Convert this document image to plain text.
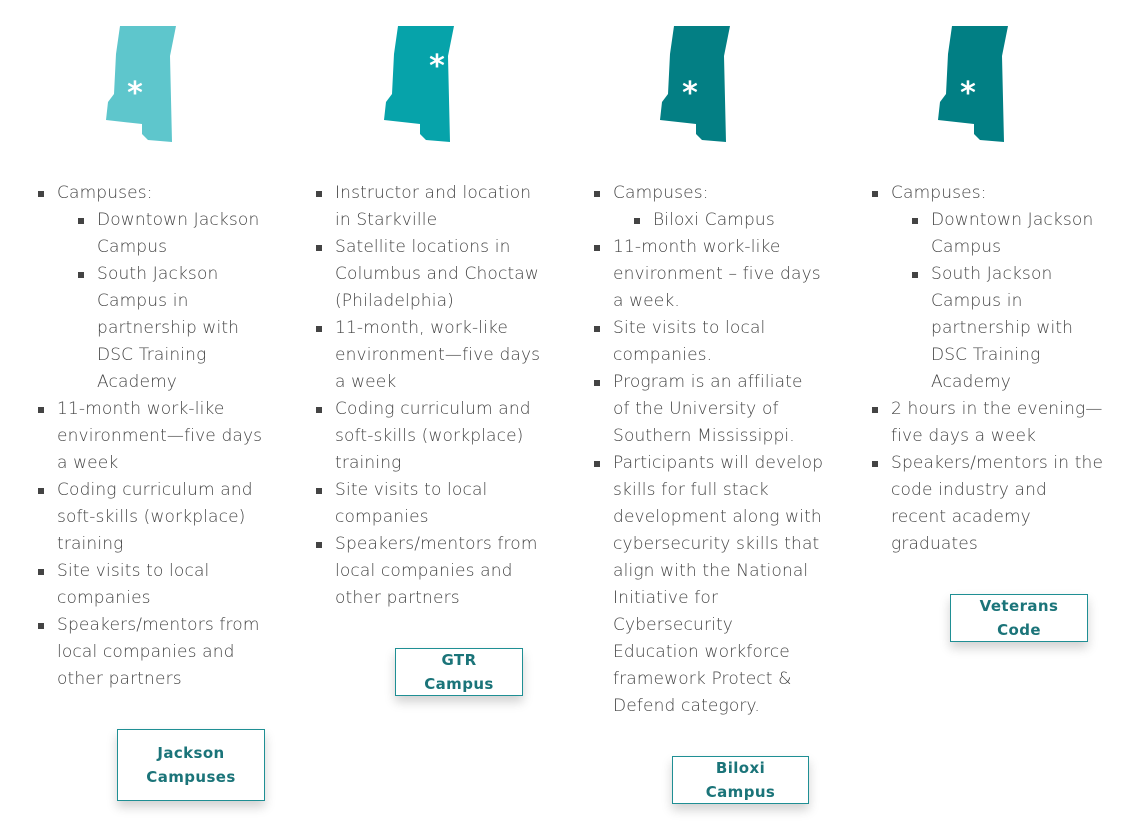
*
Campuses:
Downtown Jackson Campus
South Jackson Campus in partnership with DSC Training Academy
11-month work-like environment—five days a week
Coding curriculum and soft-skills (workplace) training
Site visits to local companies
Speakers/mentors from local companies and other partners
Jackson Campuses
*
Instructor and location in Starkville
Satellite locations in Columbus and Choctaw (Philadelphia)
11-month, work-like environment—five days a week
Coding curriculum and soft-skills (workplace) training
Site visits to local companies
Speakers/mentors from local companies and other partners
GTR Campus
*
Campuses:
Biloxi Campus
11-month work-like environment – five days a week.
Site visits to local companies.
Program is an affiliate of the University of Southern Mississippi.
Participants will develop skills for full stack development along with cybersecurity skills that align with the National Initiative for Cybersecurity Education workforce framework Protect & Defend category.
Biloxi Campus
*
Campuses:
Downtown Jackson Campus
South Jackson Campus in partnership with DSC Training Academy
2 hours in the evening—five days a week
Speakers/mentors in the code industry and recent academy graduates
Veterans Code
